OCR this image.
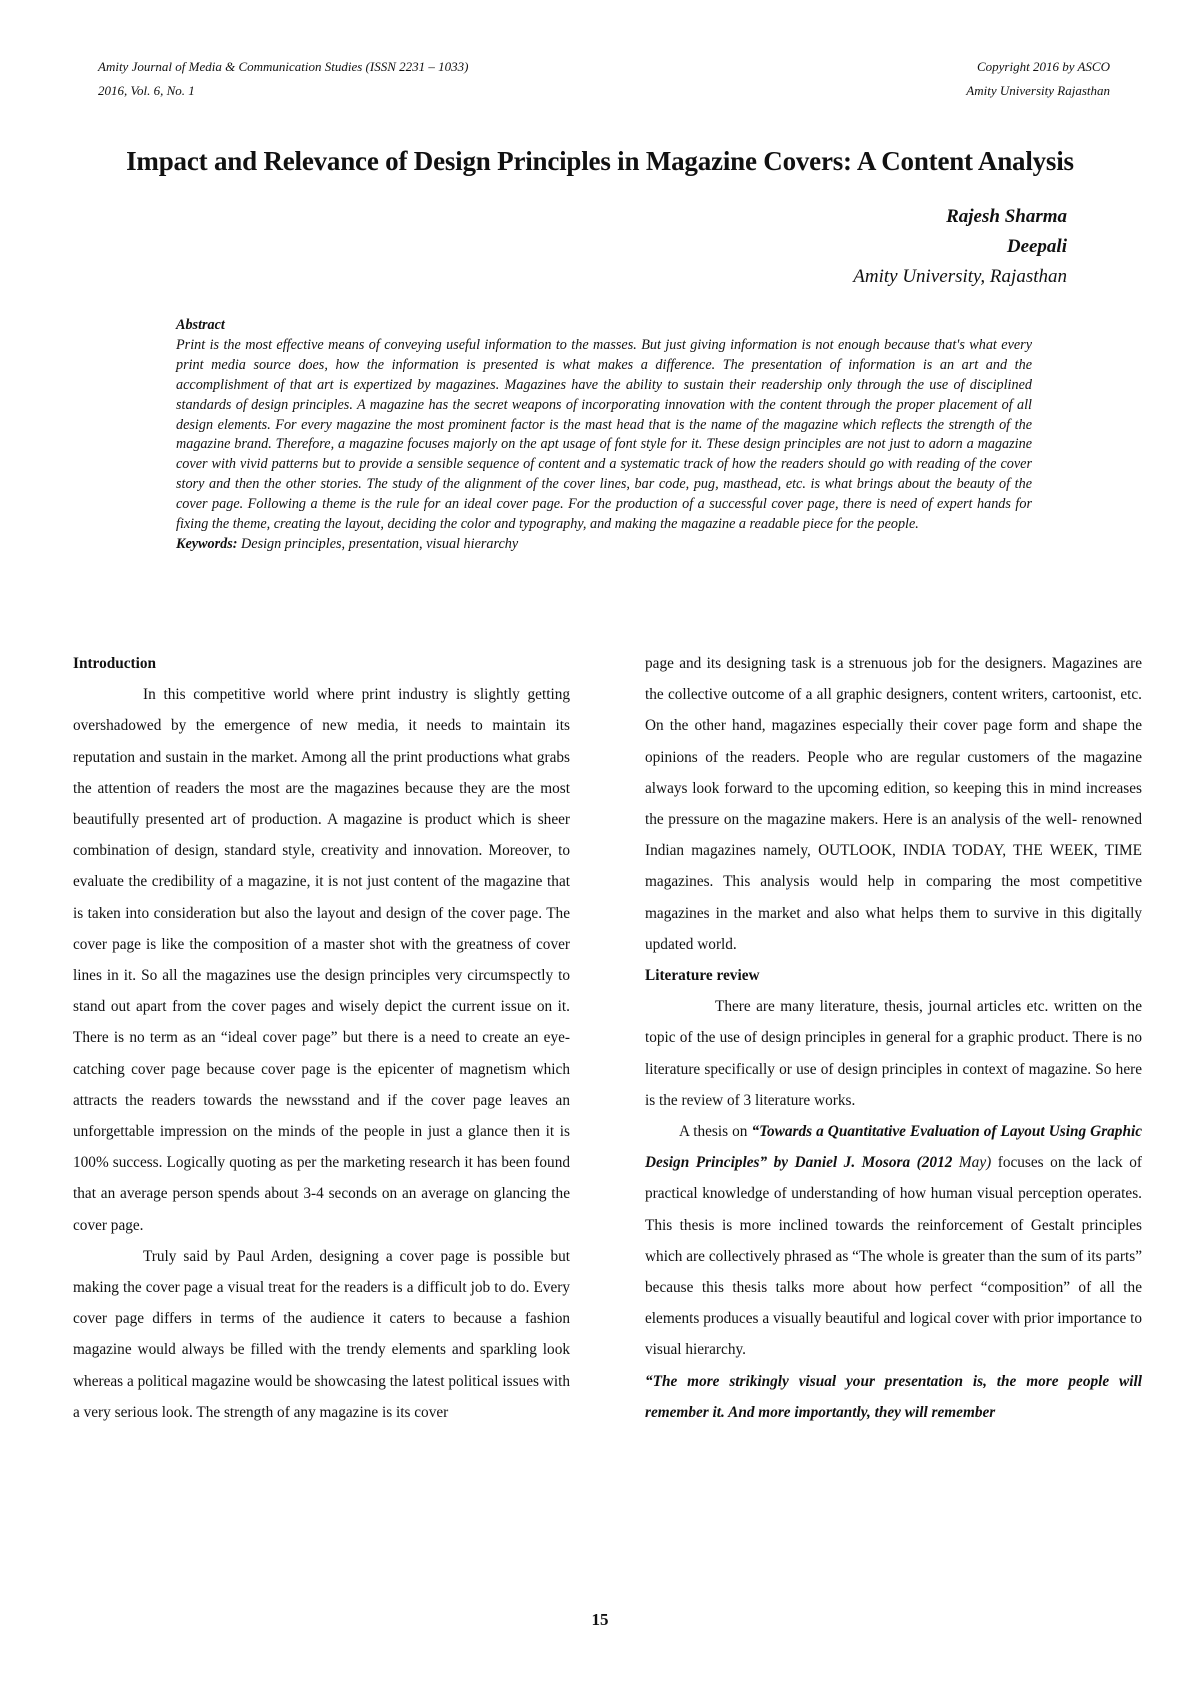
Amity Journal of Media & Communication Studies (ISSN 2231 – 1033)
2016, Vol. 6, No. 1
Copyright 2016 by ASCO
Amity University Rajasthan
Impact and Relevance of Design Principles in Magazine Covers: A Content Analysis
Rajesh Sharma
Deepali
Amity University, Rajasthan
Abstract

Print is the most effective means of conveying useful information to the masses. But just giving information is not enough because that's what every print media source does, how the information is presented is what makes a difference. The presentation of information is an art and the accomplishment of that art is expertized by magazines. Magazines have the ability to sustain their readership only through the use of disciplined standards of design principles. A magazine has the secret weapons of incorporating innovation with the content through the proper placement of all design elements. For every magazine the most prominent factor is the mast head that is the name of the magazine which reflects the strength of the magazine brand. Therefore, a magazine focuses majorly on the apt usage of font style for it. These design principles are not just to adorn a magazine cover with vivid patterns but to provide a sensible sequence of content and a systematic track of how the readers should go with reading of the cover story and then the other stories. The study of the alignment of the cover lines, bar code, pug, masthead, etc. is what brings about the beauty of the cover page. Following a theme is the rule for an ideal cover page. For the production of a successful cover page, there is need of expert hands for fixing the theme, creating the layout, deciding the color and typography, and making the magazine a readable piece for the people.

Keywords: Design principles, presentation, visual hierarchy
Introduction

In this competitive world where print industry is slightly getting overshadowed by the emergence of new media, it needs to maintain its reputation and sustain in the market. Among all the print productions what grabs the attention of readers the most are the magazines because they are the most beautifully presented art of production. A magazine is product which is sheer combination of design, standard style, creativity and innovation. Moreover, to evaluate the credibility of a magazine, it is not just content of the magazine that is taken into consideration but also the layout and design of the cover page. The cover page is like the composition of a master shot with the greatness of cover lines in it. So all the magazines use the design principles very circumspectly to stand out apart from the cover pages and wisely depict the current issue on it. There is no term as an “ideal cover page” but there is a need to create an eye-catching cover page because cover page is the epicenter of magnetism which attracts the readers towards the newsstand and if the cover page leaves an unforgettable impression on the minds of the people in just a glance then it is 100% success. Logically quoting as per the marketing research it has been found that an average person spends about 3-4 seconds on an average on glancing the cover page.

Truly said by Paul Arden, designing a cover page is possible but making the cover page a visual treat for the readers is a difficult job to do. Every cover page differs in terms of the audience it caters to because a fashion magazine would always be filled with the trendy elements and sparkling look whereas a political magazine would be showcasing the latest political issues with a very serious look. The strength of any magazine is its cover

page and its designing task is a strenuous job for the designers. Magazines are the collective outcome of a all graphic designers, content writers, cartoonist, etc. On the other hand, magazines especially their cover page form and shape the opinions of the readers. People who are regular customers of the magazine always look forward to the upcoming edition, so keeping this in mind increases the pressure on the magazine makers. Here is an analysis of the well- renowned Indian magazines namely, OUTLOOK, INDIA TODAY, THE WEEK, TIME magazines. This analysis would help in comparing the most competitive magazines in the market and also what helps them to survive in this digitally updated world.

Literature review

There are many literature, thesis, journal articles etc. written on the topic of the use of design principles in general for a graphic product. There is no literature specifically or use of design principles in context of magazine. So here is the review of 3 literature works.

A thesis on “Towards a Quantitative Evaluation of Layout Using Graphic Design Principles” by Daniel J. Mosora (2012 May) focuses on the lack of practical knowledge of understanding of how human visual perception operates. This thesis is more inclined towards the reinforcement of Gestalt principles which are collectively phrased as “The whole is greater than the sum of its parts” because this thesis talks more about how perfect “composition” of all the elements produces a visually beautiful and logical cover with prior importance to visual hierarchy.

“The more strikingly visual your presentation is, the more people will remember it. And more importantly, they will remember

15
